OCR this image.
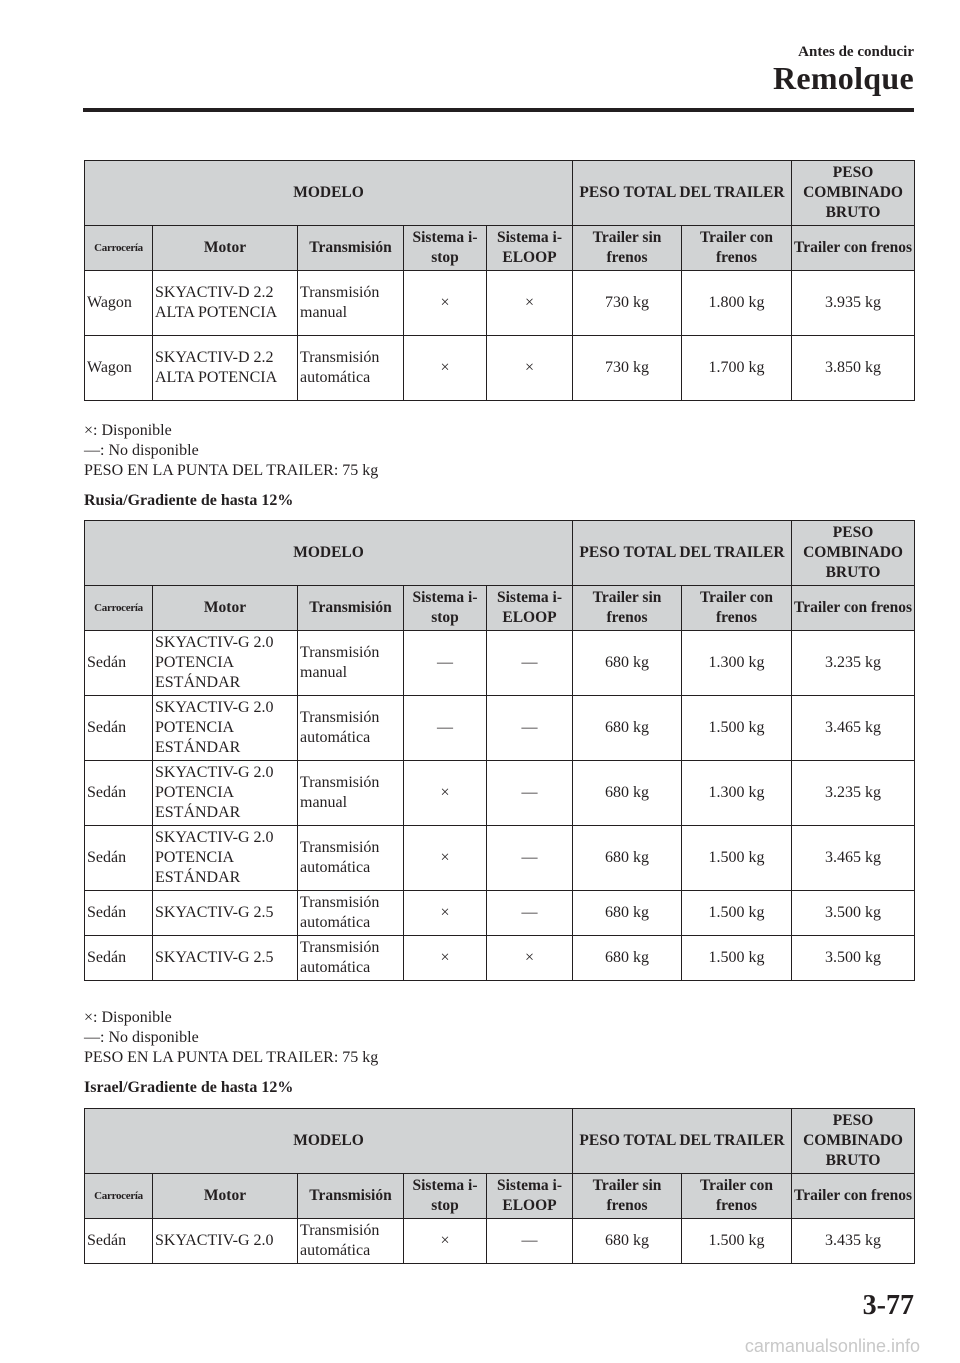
Antes de conducir
Remolque
MODELO					PESO TOTAL DEL TRAILER		PESO COMBINADO BRUTO
Carrocería	Motor	Transmisión	Sistema i-stop	Sistema i-ELOOP	Trailer sin frenos	Trailer con frenos	Trailer con frenos
Wagon	SKYACTIV-D 2.2 ALTA POTENCIA	Transmisión manual	×	×	730 kg	1.800 kg	3.935 kg
Wagon	SKYACTIV-D 2.2 ALTA POTENCIA	Transmisión automática	×	×	730 kg	1.700 kg	3.850 kg
×: Disponible
―: No disponible
PESO EN LA PUNTA DEL TRAILER: 75 kg
Rusia/Gradiente de hasta 12%
MODELO					PESO TOTAL DEL TRAILER		PESO COMBINADO BRUTO
Carrocería	Motor	Transmisión	Sistema i-stop	Sistema i-ELOOP	Trailer sin frenos	Trailer con frenos	Trailer con frenos
Sedán	SKYACTIV-G 2.0 POTENCIA ESTÁNDAR	Transmisión manual	―	―	680 kg	1.300 kg	3.235 kg
Sedán	SKYACTIV-G 2.0 POTENCIA ESTÁNDAR	Transmisión automática	―	―	680 kg	1.500 kg	3.465 kg
Sedán	SKYACTIV-G 2.0 POTENCIA ESTÁNDAR	Transmisión manual	×	―	680 kg	1.300 kg	3.235 kg
Sedán	SKYACTIV-G 2.0 POTENCIA ESTÁNDAR	Transmisión automática	×	―	680 kg	1.500 kg	3.465 kg
Sedán	SKYACTIV-G 2.5	Transmisión automática	×	―	680 kg	1.500 kg	3.500 kg
Sedán	SKYACTIV-G 2.5	Transmisión automática	×	×	680 kg	1.500 kg	3.500 kg
×: Disponible
―: No disponible
PESO EN LA PUNTA DEL TRAILER: 75 kg
Israel/Gradiente de hasta 12%
MODELO					PESO TOTAL DEL TRAILER		PESO COMBINADO BRUTO
Carrocería	Motor	Transmisión	Sistema i-stop	Sistema i-ELOOP	Trailer sin frenos	Trailer con frenos	Trailer con frenos
Sedán	SKYACTIV-G 2.0	Transmisión automática	×	―	680 kg	1.500 kg	3.435 kg
3-77
carmanualsonline.info
